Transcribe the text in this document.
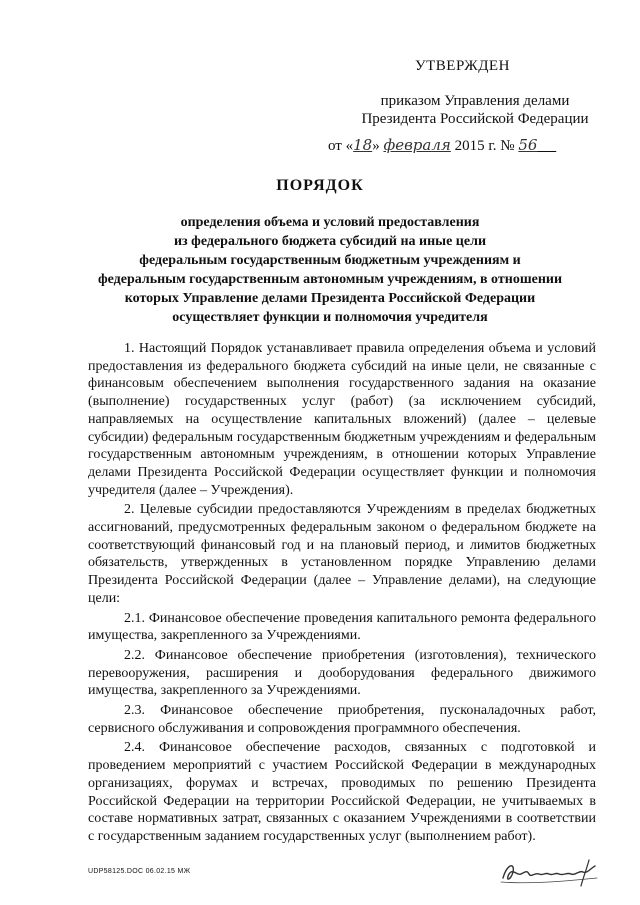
УТВЕРЖДЕН
приказом Управления делами
Президента Российской Федерации
от «18» февраля 2015 г. № 56
ПОРЯДОК
определения объема и условий предоставления
из федерального бюджета субсидий на иные цели
федеральным государственным бюджетным учреждениям и
федеральным государственным автономным учреждениям, в отношении
которых Управление делами Президента Российской Федерации
осуществляет функции и полномочия учредителя

1. Настоящий Порядок устанавливает правила определения объема и условий предоставления из федерального бюджета субсидий на иные цели, не связанные с финансовым обеспечением выполнения государственного задания на оказание (выполнение) государственных услуг (работ) (за исключением субсидий, направляемых на осуществление капитальных вложений) (далее – целевые субсидии) федеральным государственным бюджетным учреждениям и федеральным государственным автономным учреждениям, в отношении которых Управление делами Президента Российской Федерации осуществляет функции и полномочия учредителя (далее – Учреждения).

2. Целевые субсидии предоставляются Учреждениям в пределах бюджетных ассигнований, предусмотренных федеральным законом о федеральном бюджете на соответствующий финансовый год и на плановый период, и лимитов бюджетных обязательств, утвержденных в установленном порядке Управлению делами Президента Российской Федерации (далее – Управление делами), на следующие цели:

2.1. Финансовое обеспечение проведения капитального ремонта федерального имущества, закрепленного за Учреждениями.

2.2. Финансовое обеспечение приобретения (изготовления), технического перевооружения, расширения и дооборудования федерального движимого имущества, закрепленного за Учреждениями.

2.3. Финансовое обеспечение приобретения, пусконаладочных работ, сервисного обслуживания и сопровождения программного обеспечения.

2.4. Финансовое обеспечение расходов, связанных с подготовкой и проведением мероприятий с участием Российской Федерации в международных организациях, форумах и встречах, проводимых по решению Президента Российской Федерации на территории Российской Федерации, не учитываемых в составе нормативных затрат, связанных с оказанием Учреждениями в соответствии с государственным заданием государственных услуг (выполнением работ).

UDP58125.DOC 06.02.15 МЖ
